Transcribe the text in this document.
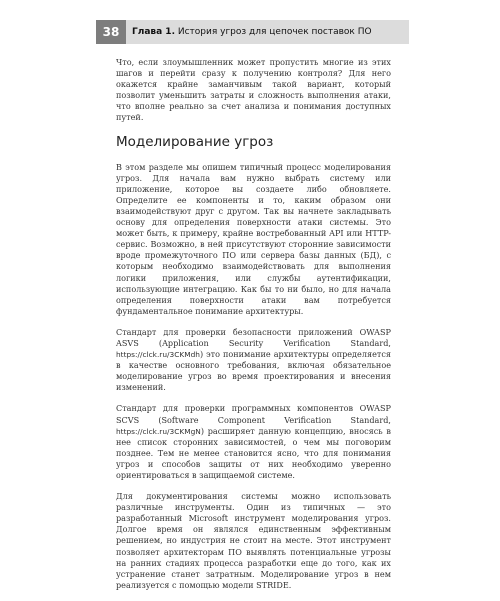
38	Глава 1. История угроз для цепочек поставок ПО

Что, если злоумышленник может пропустить многие из этих шагов и перейти сразу к получению контроля? Для него окажется крайне заманчивым такой вариант, который позволит уменьшить затраты и сложность выполнения атаки, что вполне реально за счет анализа и понимания доступных путей.

Моделирование угроз

В этом разделе мы опишем типичный процесс моделирования угроз. Для начала вам нужно выбрать систему или приложение, которое вы создаете либо обновляете. Определите ее компоненты и то, каким образом они взаимодействуют друг с другом. Так вы начнете закладывать основу для определения поверхности атаки системы. Это может быть, к примеру, крайне востребованный API или HTTP-сервис. Возможно, в ней присутствуют сторонние зависимости вроде промежуточного ПО или сервера базы данных (БД), с которым необходимо взаимодействовать для выполнения логики приложения, или службы аутентификации, использующие интеграцию. Как бы то ни было, но для начала определения поверхности атаки вам потребуется фундаментальное понимание архитектуры.

Стандарт для проверки безопасности приложений OWASP ASVS (Application Security Verification Standard, https://clck.ru/3CKMdh) это понимание архитектуры определяется в качестве основного требования, включая обязательное моделирование угроз во время проектирования и внесения изменений.

Стандарт для проверки программных компонентов OWASP SCVS (Software Component Verification Standard, https://clck.ru/3CKMgN) расширяет данную концепцию, вносясь в нее список сторонних зависимостей, о чем мы поговорим позднее. Тем не менее становится ясно, что для понимания угроз и способов защиты от них необходимо уверенно ориентироваться в защищаемой системе.

Для документирования системы можно использовать различные инструменты. Один из типичных — это разработанный Microsoft инструмент моделирования угроз. Долгое время он являлся единственным эффективным решением, но индустрия не стоит на месте. Этот инструмент позволяет архитекторам ПО выявлять потенциальные угрозы на ранних стадиях процесса разработки еще до того, как их устранение станет затратным. Моделирование угроз в нем реализуется с помощью модели STRIDE.
